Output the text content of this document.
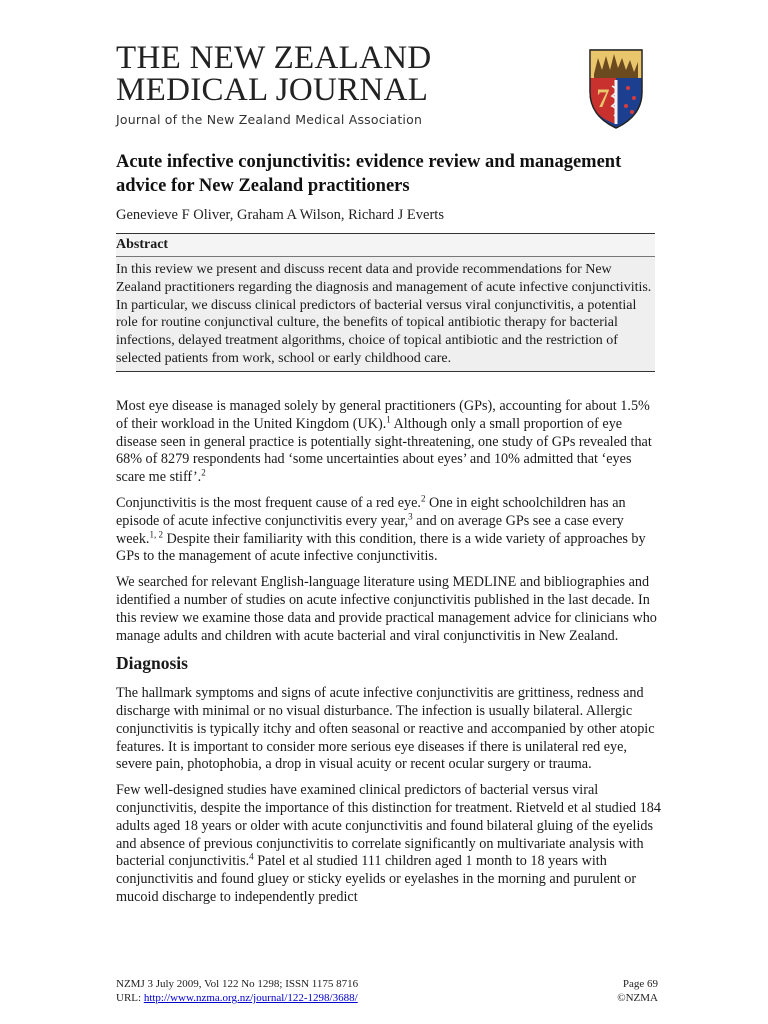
THE NEW ZEALAND
MEDICAL JOURNAL
Journal of the New Zealand Medical Association
7
Acute infective conjunctivitis: evidence review and management advice for New Zealand practitioners
Genevieve F Oliver, Graham A Wilson, Richard J Everts
Abstract
In this review we present and discuss recent data and provide recommendations for New Zealand practitioners regarding the diagnosis and management of acute infective conjunctivitis. In particular, we discuss clinical predictors of bacterial versus viral conjunctivitis, a potential role for routine conjunctival culture, the benefits of topical antibiotic therapy for bacterial infections, delayed treatment algorithms, choice of topical antibiotic and the restriction of selected patients from work, school or early childhood care.

Most eye disease is managed solely by general practitioners (GPs), accounting for about 1.5% of their workload in the United Kingdom (UK).$^1$ Although only a small proportion of eye disease seen in general practice is potentially sight-threatening, one study of GPs revealed that 68% of 8279 respondents had ‘some uncertainties about eyes’ and 10% admitted that ‘eyes scare me stiff’.$^2$

Conjunctivitis is the most frequent cause of a red eye.$^2$ One in eight schoolchildren has an episode of acute infective conjunctivitis every year,$^3$ and on average GPs see a case every week.$^{1, 2}$ Despite their familiarity with this condition, there is a wide variety of approaches by GPs to the management of acute infective conjunctivitis.

We searched for relevant English-language literature using MEDLINE and bibliographies and identified a number of studies on acute infective conjunctivitis published in the last decade. In this review we examine those data and provide practical management advice for clinicians who manage adults and children with acute bacterial and viral conjunctivitis in New Zealand.

Diagnosis

The hallmark symptoms and signs of acute infective conjunctivitis are grittiness, redness and discharge with minimal or no visual disturbance. The infection is usually bilateral. Allergic conjunctivitis is typically itchy and often seasonal or reactive and accompanied by other atopic features. It is important to consider more serious eye diseases if there is unilateral red eye, severe pain, photophobia, a drop in visual acuity or recent ocular surgery or trauma.

Few well-designed studies have examined clinical predictors of bacterial versus viral conjunctivitis, despite the importance of this distinction for treatment. Rietveld et al studied 184 adults aged 18 years or older with acute conjunctivitis and found bilateral gluing of the eyelids and absence of previous conjunctivitis to correlate significantly on multivariate analysis with bacterial conjunctivitis.$^4$ Patel et al studied 111 children aged 1 month to 18 years with conjunctivitis and found gluey or sticky eyelids or eyelashes in the morning and purulent or mucoid discharge to independently predict

NZMJ 3 July 2009, Vol 122 No 1298; ISSN 1175 8716
URL: http://www.nzma.org.nz/journal/122-1298/3688/
Page 69
©NZMA
